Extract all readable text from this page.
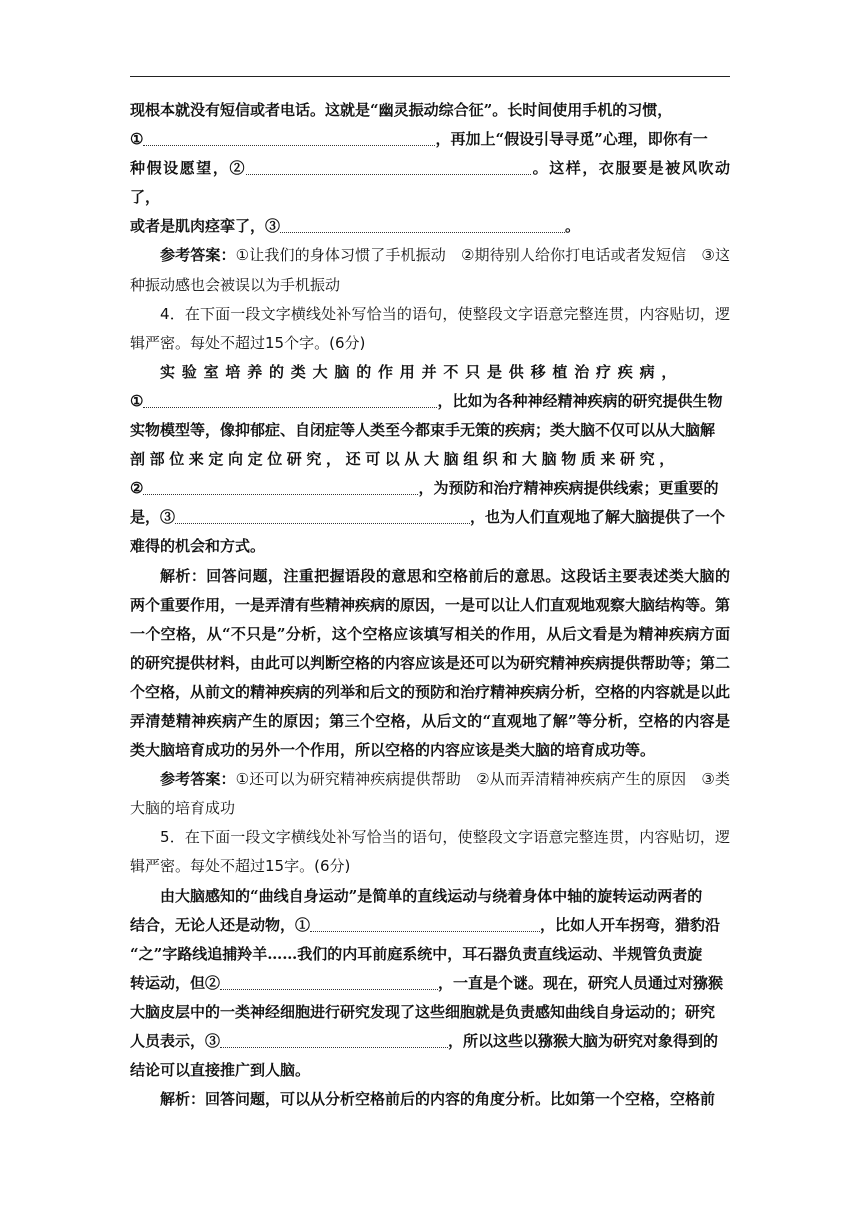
现根本就没有短信或者电话。这就是“幽灵振动综合征”。长时间使用手机的习惯，

①	，再加上“假设引导寻觅”心理，即你有一

种假设愿望，②	。这样，衣服要是被风吹动了，

或者是肌肉痉挛了，③	。

参考答案：①让我们的身体习惯了手机振动　②期待别人给你打电话或者发短信　③这种振动感也会被误以为手机振动

4．在下面一段文字横线处补写恰当的语句，使整段文字语意完整连贯，内容贴切，逻辑严密。每处不超过15个字。(6分)

实验室培养的类大脑的作用并不只是供移植治疗疾病，

①	，比如为各种神经精神疾病的研究提供生物

实物模型等，像抑郁症、自闭症等人类至今都束手无策的疾病；类大脑不仅可以从大脑解

剖部位来定向定位研究，还可以从大脑组织和大脑物质来研究，

②	，为预防和治疗精神疾病提供线索；更重要的

是，③	，也为人们直观地了解大脑提供了一个

难得的机会和方式。

解析：回答问题，注重把握语段的意思和空格前后的意思。这段话主要表述类大脑的两个重要作用，一是弄清有些精神疾病的原因，一是可以让人们直观地观察大脑结构等。第一个空格，从“不只是”分析，这个空格应该填写相关的作用，从后文看是为精神疾病方面的研究提供材料，由此可以判断空格的内容应该是还可以为研究精神疾病提供帮助等；第二个空格，从前文的精神疾病的列举和后文的预防和治疗精神疾病分析，空格的内容就是以此弄清楚精神疾病产生的原因；第三个空格，从后文的“直观地了解”等分析，空格的内容是类大脑培育成功的另外一个作用，所以空格的内容应该是类大脑的培育成功等。

参考答案：①还可以为研究精神疾病提供帮助　②从而弄清精神疾病产生的原因　③类大脑的培育成功

5．在下面一段文字横线处补写恰当的语句，使整段文字语意完整连贯，内容贴切，逻辑严密。每处不超过15字。(6分)

由大脑感知的“曲线自身运动”是简单的直线运动与绕着身体中轴的旋转运动两者的

结合，无论人还是动物，①	，比如人开车拐弯，猎豹沿

“之”字路线追捕羚羊……我们的内耳前庭系统中，耳石器负责直线运动、半规管负责旋

转运动，但②	，一直是个谜。现在，研究人员通过对猕猴

大脑皮层中的一类神经细胞进行研究发现了这些细胞就是负责感知曲线自身运动的；研究

人员表示，③	，所以这些以猕猴大脑为研究对象得到的

结论可以直接推广到人脑。

解析：回答问题，可以从分析空格前后的内容的角度分析。比如第一个空格，空格前
